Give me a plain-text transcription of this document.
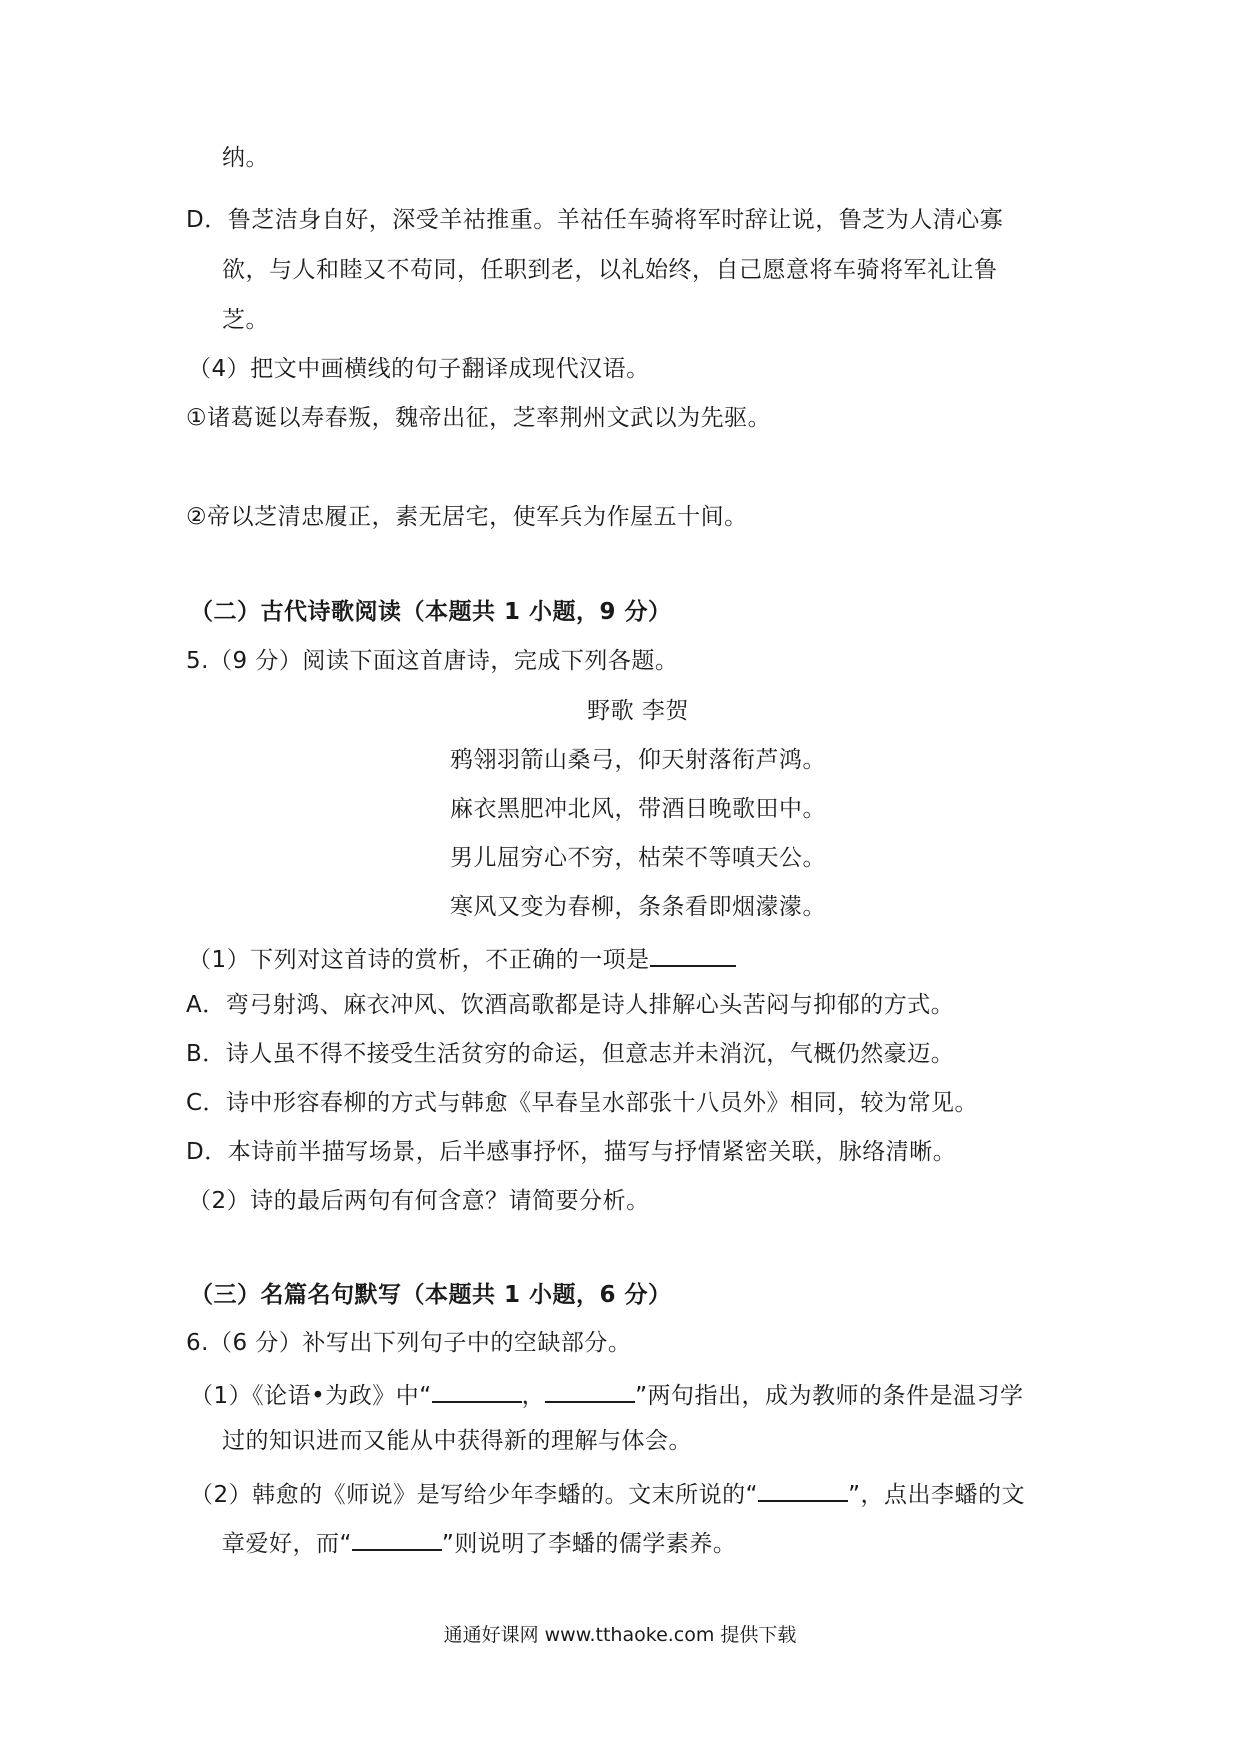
纳。
D．鲁芝洁身自好，深受羊祜推重。羊祜任车骑将军时辞让说，鲁芝为人清心寡
欲，与人和睦又不苟同，任职到老，以礼始终，自己愿意将车骑将军礼让鲁
芝。
（4）把文中画横线的句子翻译成现代汉语。
①诸葛诞以寿春叛，魏帝出征，芝率荆州文武以为先驱。
②帝以芝清忠履正，素无居宅，使军兵为作屋五十间。
（二）古代诗歌阅读（本题共 1 小题，9 分）
5.（9 分）阅读下面这首唐诗，完成下列各题。
野歌 李贺
鸦翎羽箭山桑弓，仰天射落衔芦鸿。
麻衣黑肥冲北风，带酒日晚歌田中。
男儿屈穷心不穷，枯荣不等嗔天公。
寒风又变为春柳，条条看即烟濛濛。
（1）下列对这首诗的赏析，不正确的一项是
A．弯弓射鸿、麻衣冲风、饮酒高歌都是诗人排解心头苦闷与抑郁的方式。
B．诗人虽不得不接受生活贫穷的命运，但意志并未消沉，气概仍然豪迈。
C．诗中形容春柳的方式与韩愈《早春呈水部张十八员外》相同，较为常见。
D．本诗前半描写场景，后半感事抒怀，描写与抒情紧密关联，脉络清晰。
（2）诗的最后两句有何含意？请简要分析。
（三）名篇名句默写（本题共 1 小题，6 分）
6.（6 分）补写出下列句子中的空缺部分。
（1）《论语•为政》中“	，	”两句指出，成为教师的条件是温习学
过的知识进而又能从中获得新的理解与体会。
（2）韩愈的《师说》是写给少年李蟠的。文末所说的“	”，点出李蟠的文
章爱好，而“	”则说明了李蟠的儒学素养。
通通好课网 www.tthaoke.com 提供下载
